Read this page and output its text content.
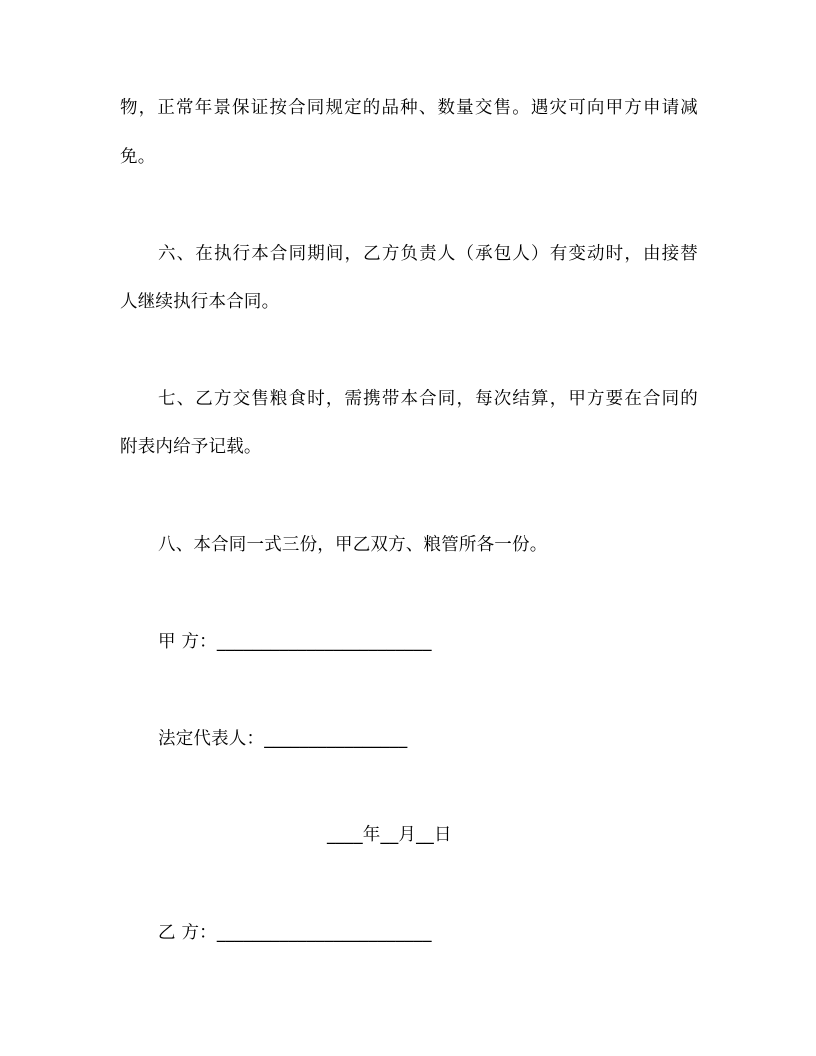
物，正常年景保证按合同规定的品种、数量交售。遇灾可向甲方申请减
免。
六、在执行本合同期间，乙方负责人（承包人）有变动时，由接替
人继续执行本合同。
七、乙方交售粮食时，需携带本合同，每次结算，甲方要在合同的
附表内给予记载。
八、本合同一式三份，甲乙双方、粮管所各一份。
甲 方：________________________
法定代表人：________________
____年__月__日
乙 方：________________________
